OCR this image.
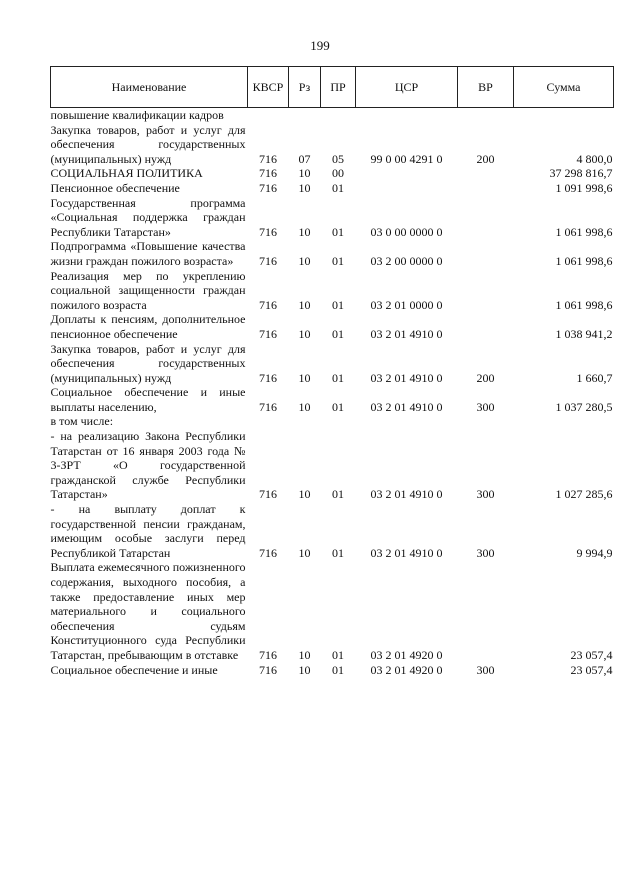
199
Наименование	КВСР	Рз	ПР	ЦСР	ВР	Сумма
повышение квалификации кадров						
Закупка товаров, работ и услуг для обеспечения государственных (муниципальных) нужд	716	07	05	99 0 00 4291 0	200	4 800,0
СОЦИАЛЬНАЯ ПОЛИТИКА	716	10	00			37 298 816,7
Пенсионное обеспечение	716	10	01			1 091 998,6
Государственная программа «Социальная поддержка граждан Республики Татарстан»	716	10	01	03 0 00 0000 0		1 061 998,6
Подпрограмма «Повышение качества жизни граждан пожилого возраста»	716	10	01	03 2 00 0000 0		1 061 998,6
Реализация мер по укреплению социальной защищенности граждан пожилого возраста	716	10	01	03 2 01 0000 0		1 061 998,6
Доплаты к пенсиям, дополнительное пенсионное обеспечение	716	10	01	03 2 01 4910 0		1 038 941,2
Закупка товаров, работ и услуг для обеспечения государственных (муниципальных) нужд	716	10	01	03 2 01 4910 0	200	1 660,7
Социальное обеспечение и иные выплаты населению,	716	10	01	03 2 01 4910 0	300	1 037 280,5
в том числе:						
- на реализацию Закона Республики Татарстан от 16 января 2003 года № 3-ЗРТ «О государственной гражданской службе Республики Татарстан»	716	10	01	03 2 01 4910 0	300	1 027 285,6
- на выплату доплат к государственной пенсии гражданам, имеющим особые заслуги перед Республикой Татарстан	716	10	01	03 2 01 4910 0	300	9 994,9
Выплата ежемесячного пожизненного содержания, выходного пособия, а также предоставление иных мер материального и социального обеспечения судьям Конституционного суда Республики Татарстан, пребывающим в отставке	716	10	01	03 2 01 4920 0		23 057,4
Социальное обеспечение и иные	716	10	01	03 2 01 4920 0	300	23 057,4
